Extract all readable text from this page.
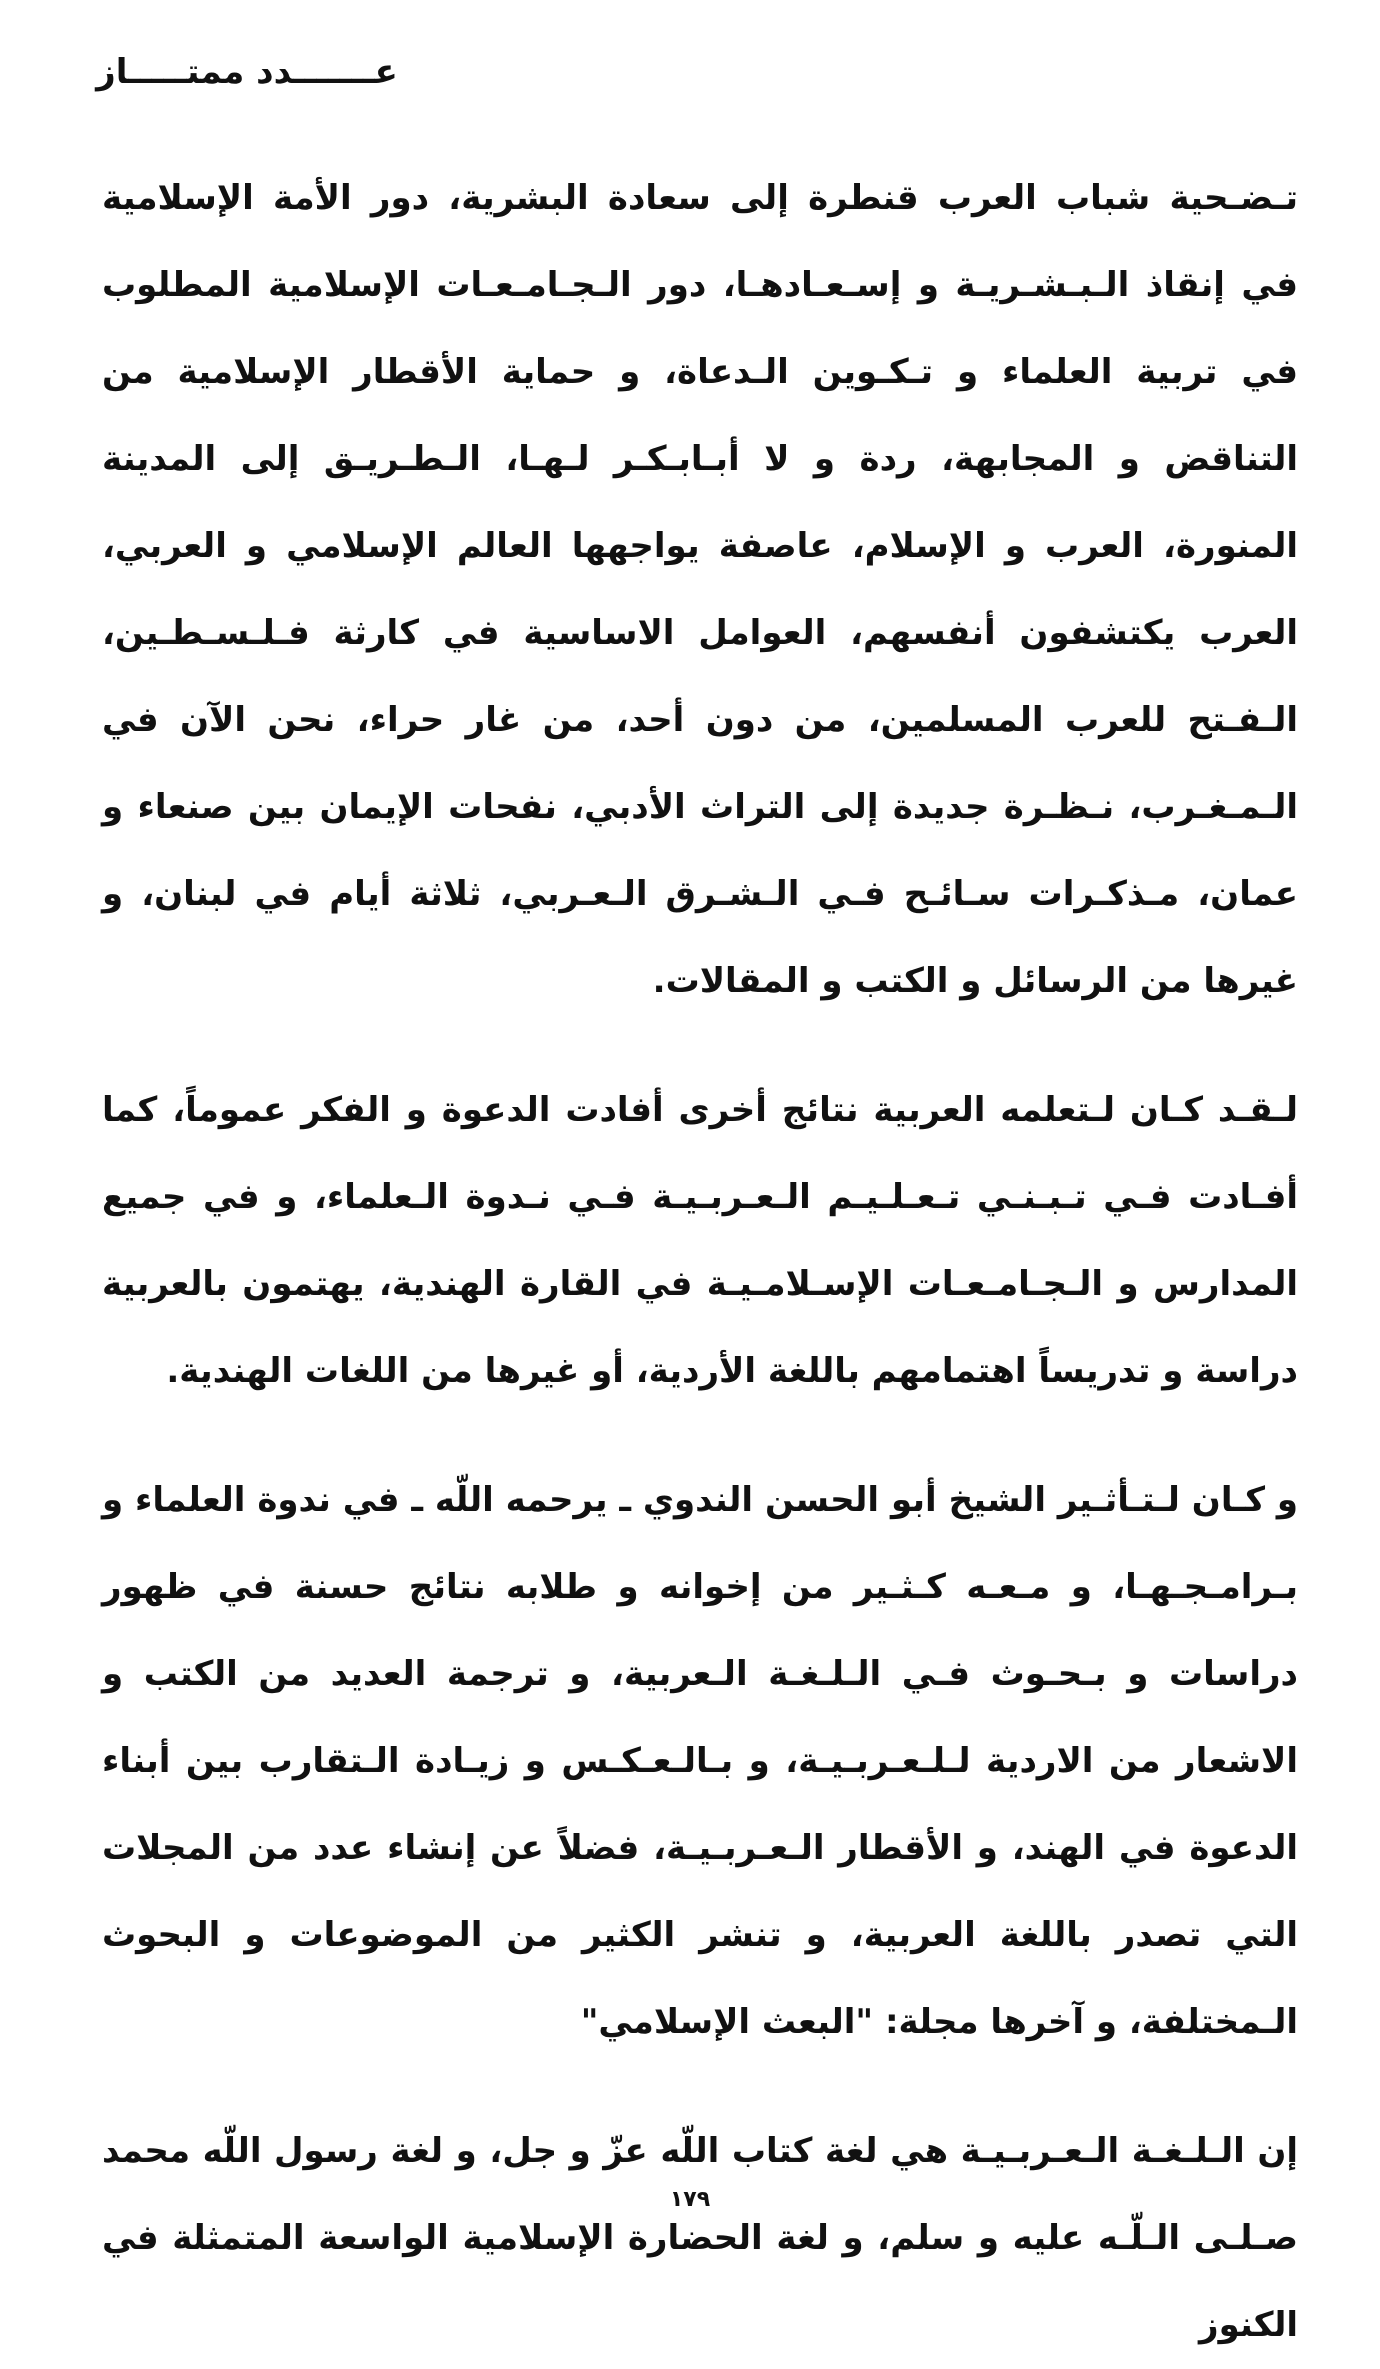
عـــــــدد ممتـــــاز

تـضـحية شباب العرب قنطرة إلى سعادة البشرية، دور الأمة الإسلامية في إنقاذ الـبـشـريـة و إسـعـادهـا، دور الـجـامـعـات الإسلامية المطلوب في تربية العلماء و تـكـوين الـدعاة، و حماية الأقطار الإسلامية من التناقض و المجابهة، ردة و لا أبـابـكـر لـهـا، الـطـريـق إلى المدينة المنورة، العرب و الإسلام، عاصفة يواجهها العالم الإسلامي و العربي، العرب يكتشفون أنفسهم، العوامل الاساسية في كارثة فـلـسـطـين، الـفـتح للعرب المسلمين، من دون أحد، من غار حراء، نحن الآن في الـمـغـرب، نـظـرة جديدة إلى التراث الأدبي، نفحات الإيمان بين صنعاء و عمان، مـذكـرات سـائـح فـي الـشـرق الـعـربي، ثلاثة أيام في لبنان، و غيرها من الرسائل و الكتب و المقالات.

لـقـد كـان لـتعلمه العربية نتائج أخرى أفادت الدعوة و الفكر عموماً، كما أفـادت فـي تـبـنـي تـعـلـيـم الـعـربـيـة فـي نـدوة الـعلماء، و في جميع المدارس و الـجـامـعـات الإسـلامـيـة في القارة الهندية، يهتمون بالعربية دراسة و تدريساً اهتمامهم باللغة الأردية، أو غيرها من اللغات الهندية.

و كـان لـتـأثـير الشيخ أبو الحسن الندوي ـ يرحمه اللّه ـ في ندوة العلماء و بـرامـجـهـا، و مـعـه كـثـير من إخوانه و طلابه نتائج حسنة في ظهور دراسات و بـحـوث فـي الـلـغـة الـعربية، و ترجمة العديد من الكتب و الاشعار من الاردية لـلـعـربـيـة، و بـالـعـكـس و زيـادة الـتقارب بين أبناء الدعوة في الهند، و الأقطار الـعـربـيـة، فضلاً عن إنشاء عدد من المجلات التي تصدر باللغة العربية، و تنشر الكثير من الموضوعات و البحوث الـمختلفة، و آخرها مجلة: "البعث الإسلامي"

إن الـلـغـة الـعـربـيـة هي لغة كتاب اللّه عزّ و جل، و لغة رسول اللّه محمد صـلـى الـلّـه عليه و سلم، و لغة الحضارة الإسلامية الواسعة المتمثلة في الكنوز

١٧٩
